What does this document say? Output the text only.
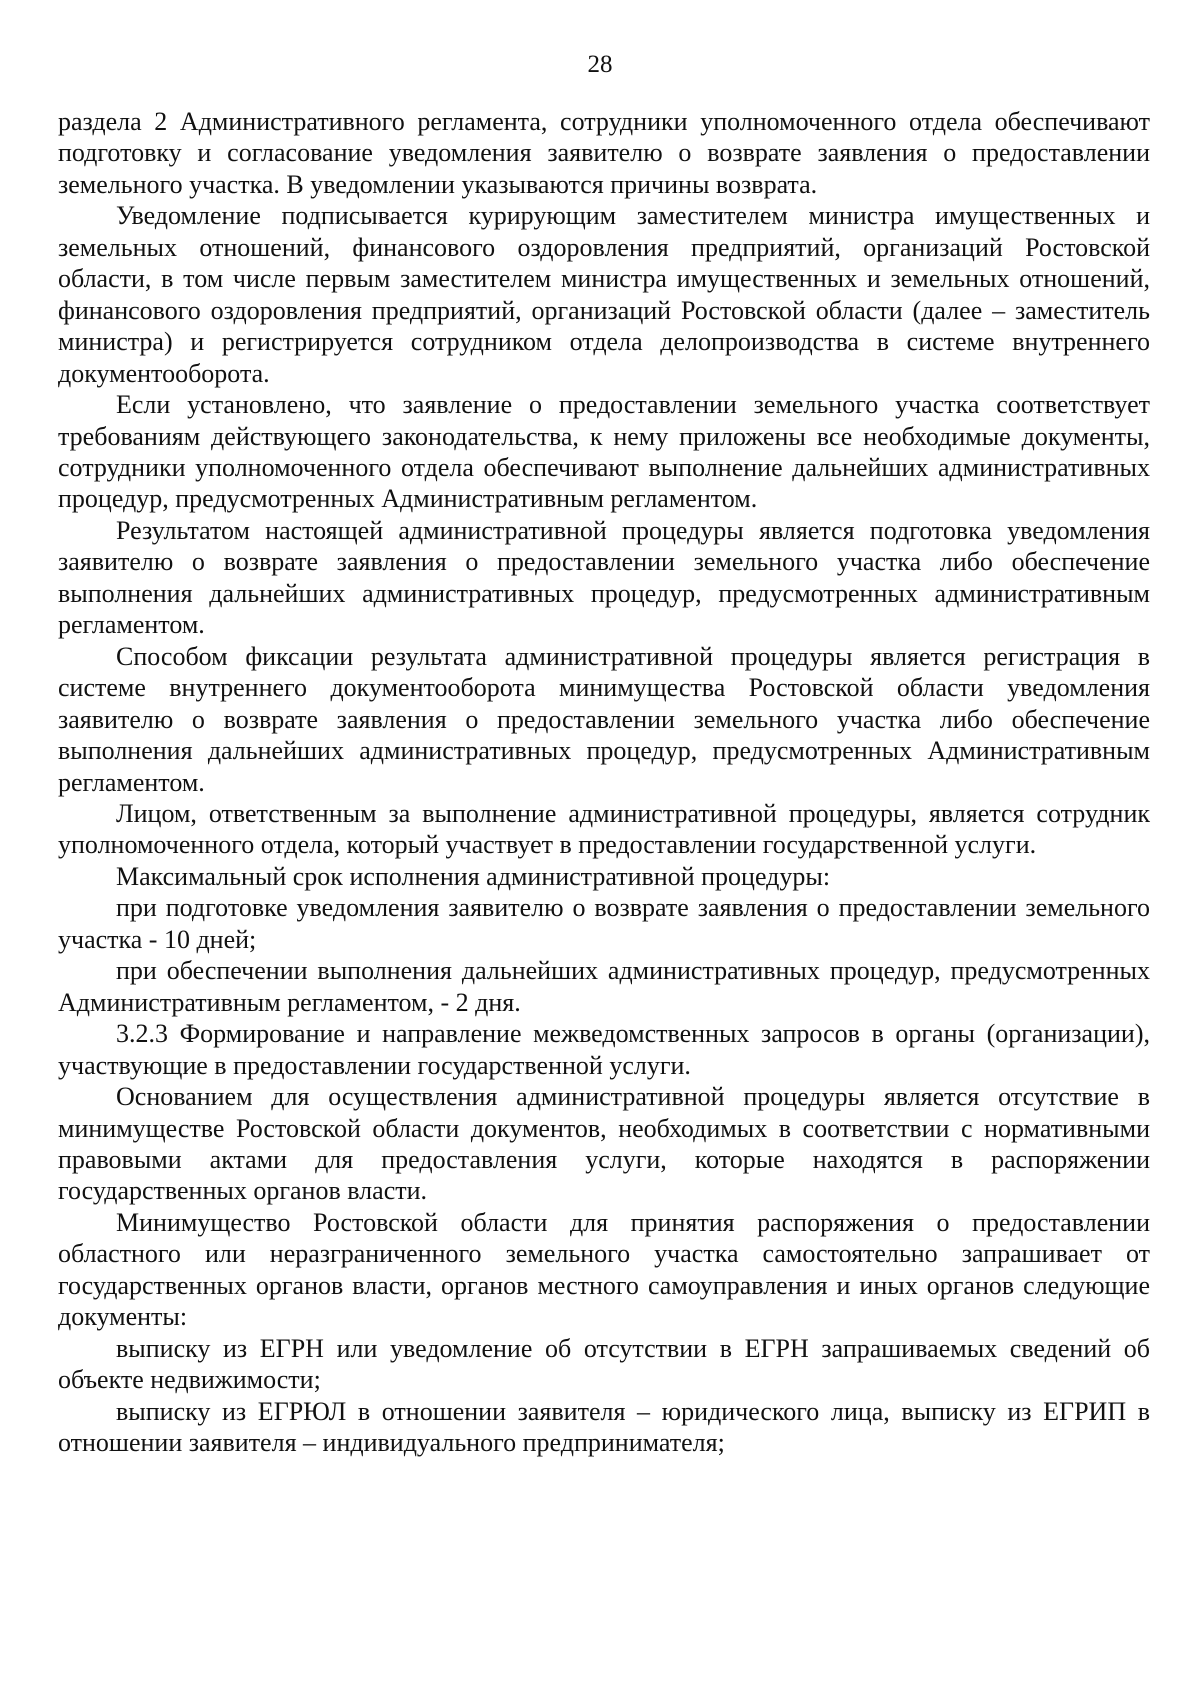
28

раздела 2 Административного регламента, сотрудники уполномоченного отдела обеспечивают подготовку и согласование уведомления заявителю о возврате заявления о предоставлении земельного участка. В уведомлении указываются причины возврата.

Уведомление подписывается курирующим заместителем министра имущественных и земельных отношений, финансового оздоровления предприятий, организаций Ростовской области, в том числе первым заместителем министра имущественных и земельных отношений, финансового оздоровления предприятий, организаций Ростовской области (далее – заместитель министра) и регистрируется сотрудником отдела делопроизводства в системе внутреннего документооборота.

Если установлено, что заявление о предоставлении земельного участка соответствует требованиям действующего законодательства, к нему приложены все необходимые документы, сотрудники уполномоченного отдела обеспечивают выполнение дальнейших административных процедур, предусмотренных Административным регламентом.

Результатом настоящей административной процедуры является подготовка уведомления заявителю о возврате заявления о предоставлении земельного участка либо обеспечение выполнения дальнейших административных процедур, предусмотренных административным регламентом.

Способом фиксации результата административной процедуры является регистрация в системе внутреннего документооборота минимущества Ростовской области уведомления заявителю о возврате заявления о предоставлении земельного участка либо обеспечение выполнения дальнейших административных процедур, предусмотренных Административным регламентом.

Лицом, ответственным за выполнение административной процедуры, является сотрудник уполномоченного отдела, который участвует в предоставлении государственной услуги.

Максимальный срок исполнения административной процедуры:

при подготовке уведомления заявителю о возврате заявления о предоставлении земельного участка - 10 дней;

при обеспечении выполнения дальнейших административных процедур, предусмотренных Административным регламентом, - 2 дня.

3.2.3 Формирование и направление межведомственных запросов в органы (организации), участвующие в предоставлении государственной услуги.

Основанием для осуществления административной процедуры является отсутствие в минимуществе Ростовской области документов, необходимых в соответствии с нормативными правовыми актами для предоставления услуги, которые находятся в распоряжении государственных органов власти.

Минимущество Ростовской области для принятия распоряжения о предоставлении областного или неразграниченного земельного участка самостоятельно запрашивает от государственных органов власти, органов местного самоуправления и иных органов следующие документы:

выписку из ЕГРН или уведомление об отсутствии в ЕГРН запрашиваемых сведений об объекте недвижимости;

выписку из ЕГРЮЛ в отношении заявителя – юридического лица, выписку из ЕГРИП в отношении заявителя – индивидуального предпринимателя;
